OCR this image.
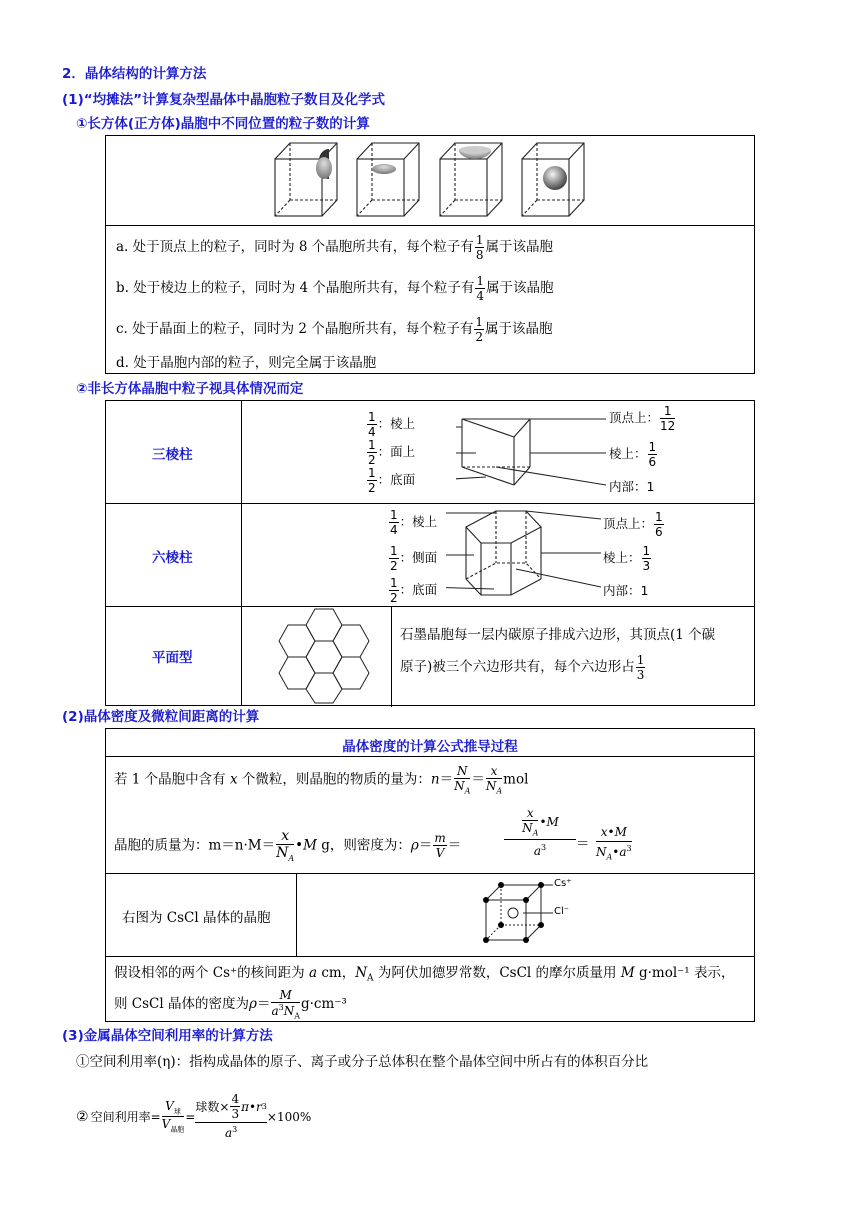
2．晶体结构的计算方法
(1)“均摊法”计算复杂型晶体中晶胞粒子数目及化学式
①长方体(正方体)晶胞中不同位置的粒子数的计算
a. 处于顶点上的粒子，同时为 8 个晶胞所共有，每个粒子有 $\frac{1}{8}$ 属于该晶胞
b. 处于棱边上的粒子，同时为 4 个晶胞所共有，每个粒子有 $\frac{1}{4}$ 属于该晶胞
c. 处于晶面上的粒子，同时为 2 个晶胞所共有，每个粒子有 $\frac{1}{2}$ 属于该晶胞
d. 处于晶胞内部的粒子，则完全属于该晶胞
②非长方体晶胞中粒子视具体情况而定
三棱柱
六棱柱
平面型
$\frac{1}{4}$ ：棱上
$\frac{1}{2}$ ：面上
$\frac{1}{2}$ ：底面
顶点上： $\frac{1}{12}$
棱上： $\frac{1}{6}$
内部：1
$\frac{1}{4}$ ：棱上
$\frac{1}{2}$ ：侧面
$\frac{1}{2}$ ：底面
顶点上： $\frac{1}{6}$
棱上： $\frac{1}{3}$
内部：1
石墨晶胞每一层内碳原子排成六边形，其顶点(1 个碳
原子)被三个六边形共有，每个六边形占 $\frac{1}{3}$
(2)晶体密度及微粒间距离的计算
晶体密度的计算公式推导过程
若 1 个晶胞中含有 x 个微粒，则晶胞的物质的量为：$n= \frac{N}{N_A} = \frac{x}{N_A}$ mol
晶胞的质量为：$m=n\cdot M= \frac{x}{N_A}$ •M g，则密度为：$\rho= \frac{m}{V}$ ＝
$\frac{x}{N_A}$ • M
$a^3$	＝
x•M
$N_A•a^3$
右图为 CsCl 晶体的晶胞
Cs⁺
Cl⁻
假设相邻的两个 Cs⁺的核间距为 a cm，$N_A$ 为阿伏加德罗常数，CsCl 的摩尔质量用 M g·mol⁻¹ 表示，
则 CsCl 晶体的密度为$\rho= \frac{M}{a^3N_A} g\cdot cm^{-3}$
(3)金属晶体空间利用率的计算方法
①空间利用率(η)：指构成晶体的原子、离子或分子总体积在整个晶体空间中所占有的体积百分比
② 空间利用率 = $\frac{V_球}{V_{晶胞}}$ =
球数× $\frac{4}{3}$ π • r 3
$a^3$
×100%
